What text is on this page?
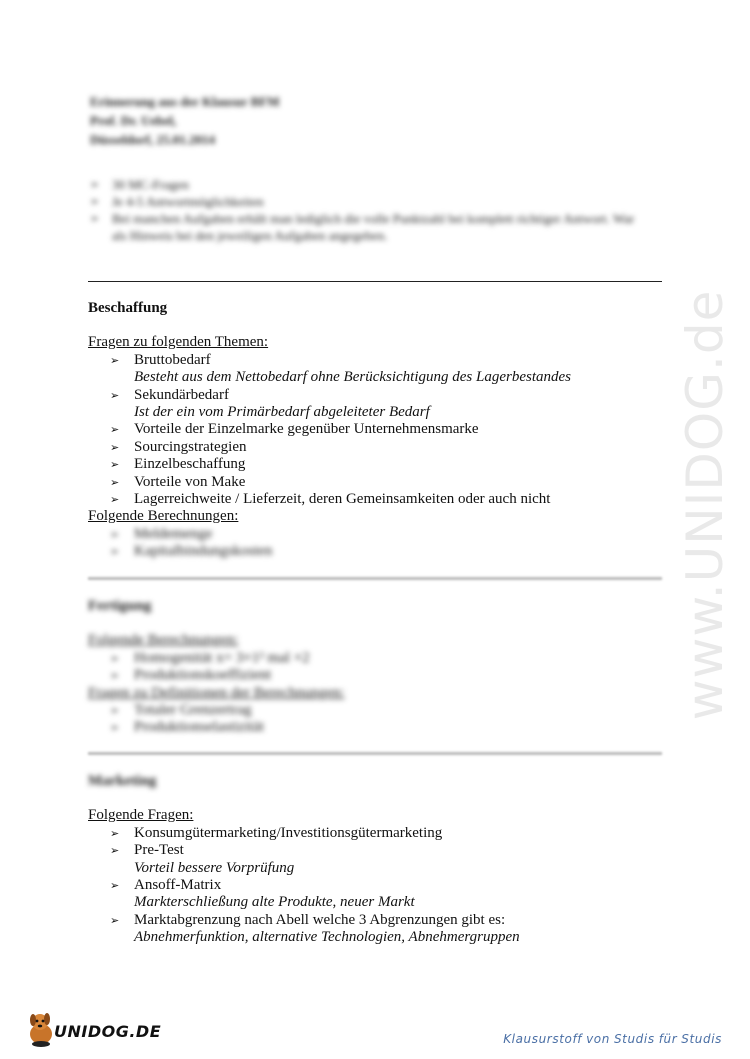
Erinnerung aus der Klausur BFM
Prof. Dr. Uebel,
Düsseldorf, 25.01.2014
➢ 30 MC-Fragen
➢ Je 4-5 Antwortmöglichkeiten
➢ Bei manchen Aufgaben erhält man lediglich die volle Punktzahl bei komplett richtiger Antwort. War als Hinweis bei den jeweiligen Aufgaben angegeben.
Beschaffung
Fragen zu folgenden Themen:
➢ Bruttobedarf
Besteht aus dem Nettobedarf ohne Berücksichtigung des Lagerbestandes
➢ Sekundärbedarf
Ist der ein vom Primärbedarf abgeleiteter Bedarf
➢ Vorteile der Einzelmarke gegenüber Unternehmensmarke
➢ Sourcingstrategien
➢ Einzelbeschaffung
➢ Vorteile von Make
➢ Lagerreichweite / Lieferzeit, deren Gemeinsamkeiten oder auch nicht
Folgende Berechnungen:
➢ Meldemenge
➢ Kapitalbindungskosten
Fertigung
Folgende Berechnungen:
➢ Homogenität x= 3×1² mal ×2
➢ Produktionskoeffizient
Fragen zu Definitionen der Berechnungen:
➢ Totaler Grenzertrag
➢ Produktionselastizität
Marketing
Folgende Fragen:
➢ Konsumgütermarketing/Investitionsgütermarketing
➢ Pre-Test
Vorteil bessere Vorprüfung
➢ Ansoff-Matrix
Markterschließung alte Produkte, neuer Markt
➢ Marktabgrenzung nach Abell welche 3 Abgrenzungen gibt es:
Abnehmerfunktion, alternative Technologien, Abnehmergruppen
www.UNIDOG.de
UNIDOG.DE	Klausurstoff von Studis für Studis
